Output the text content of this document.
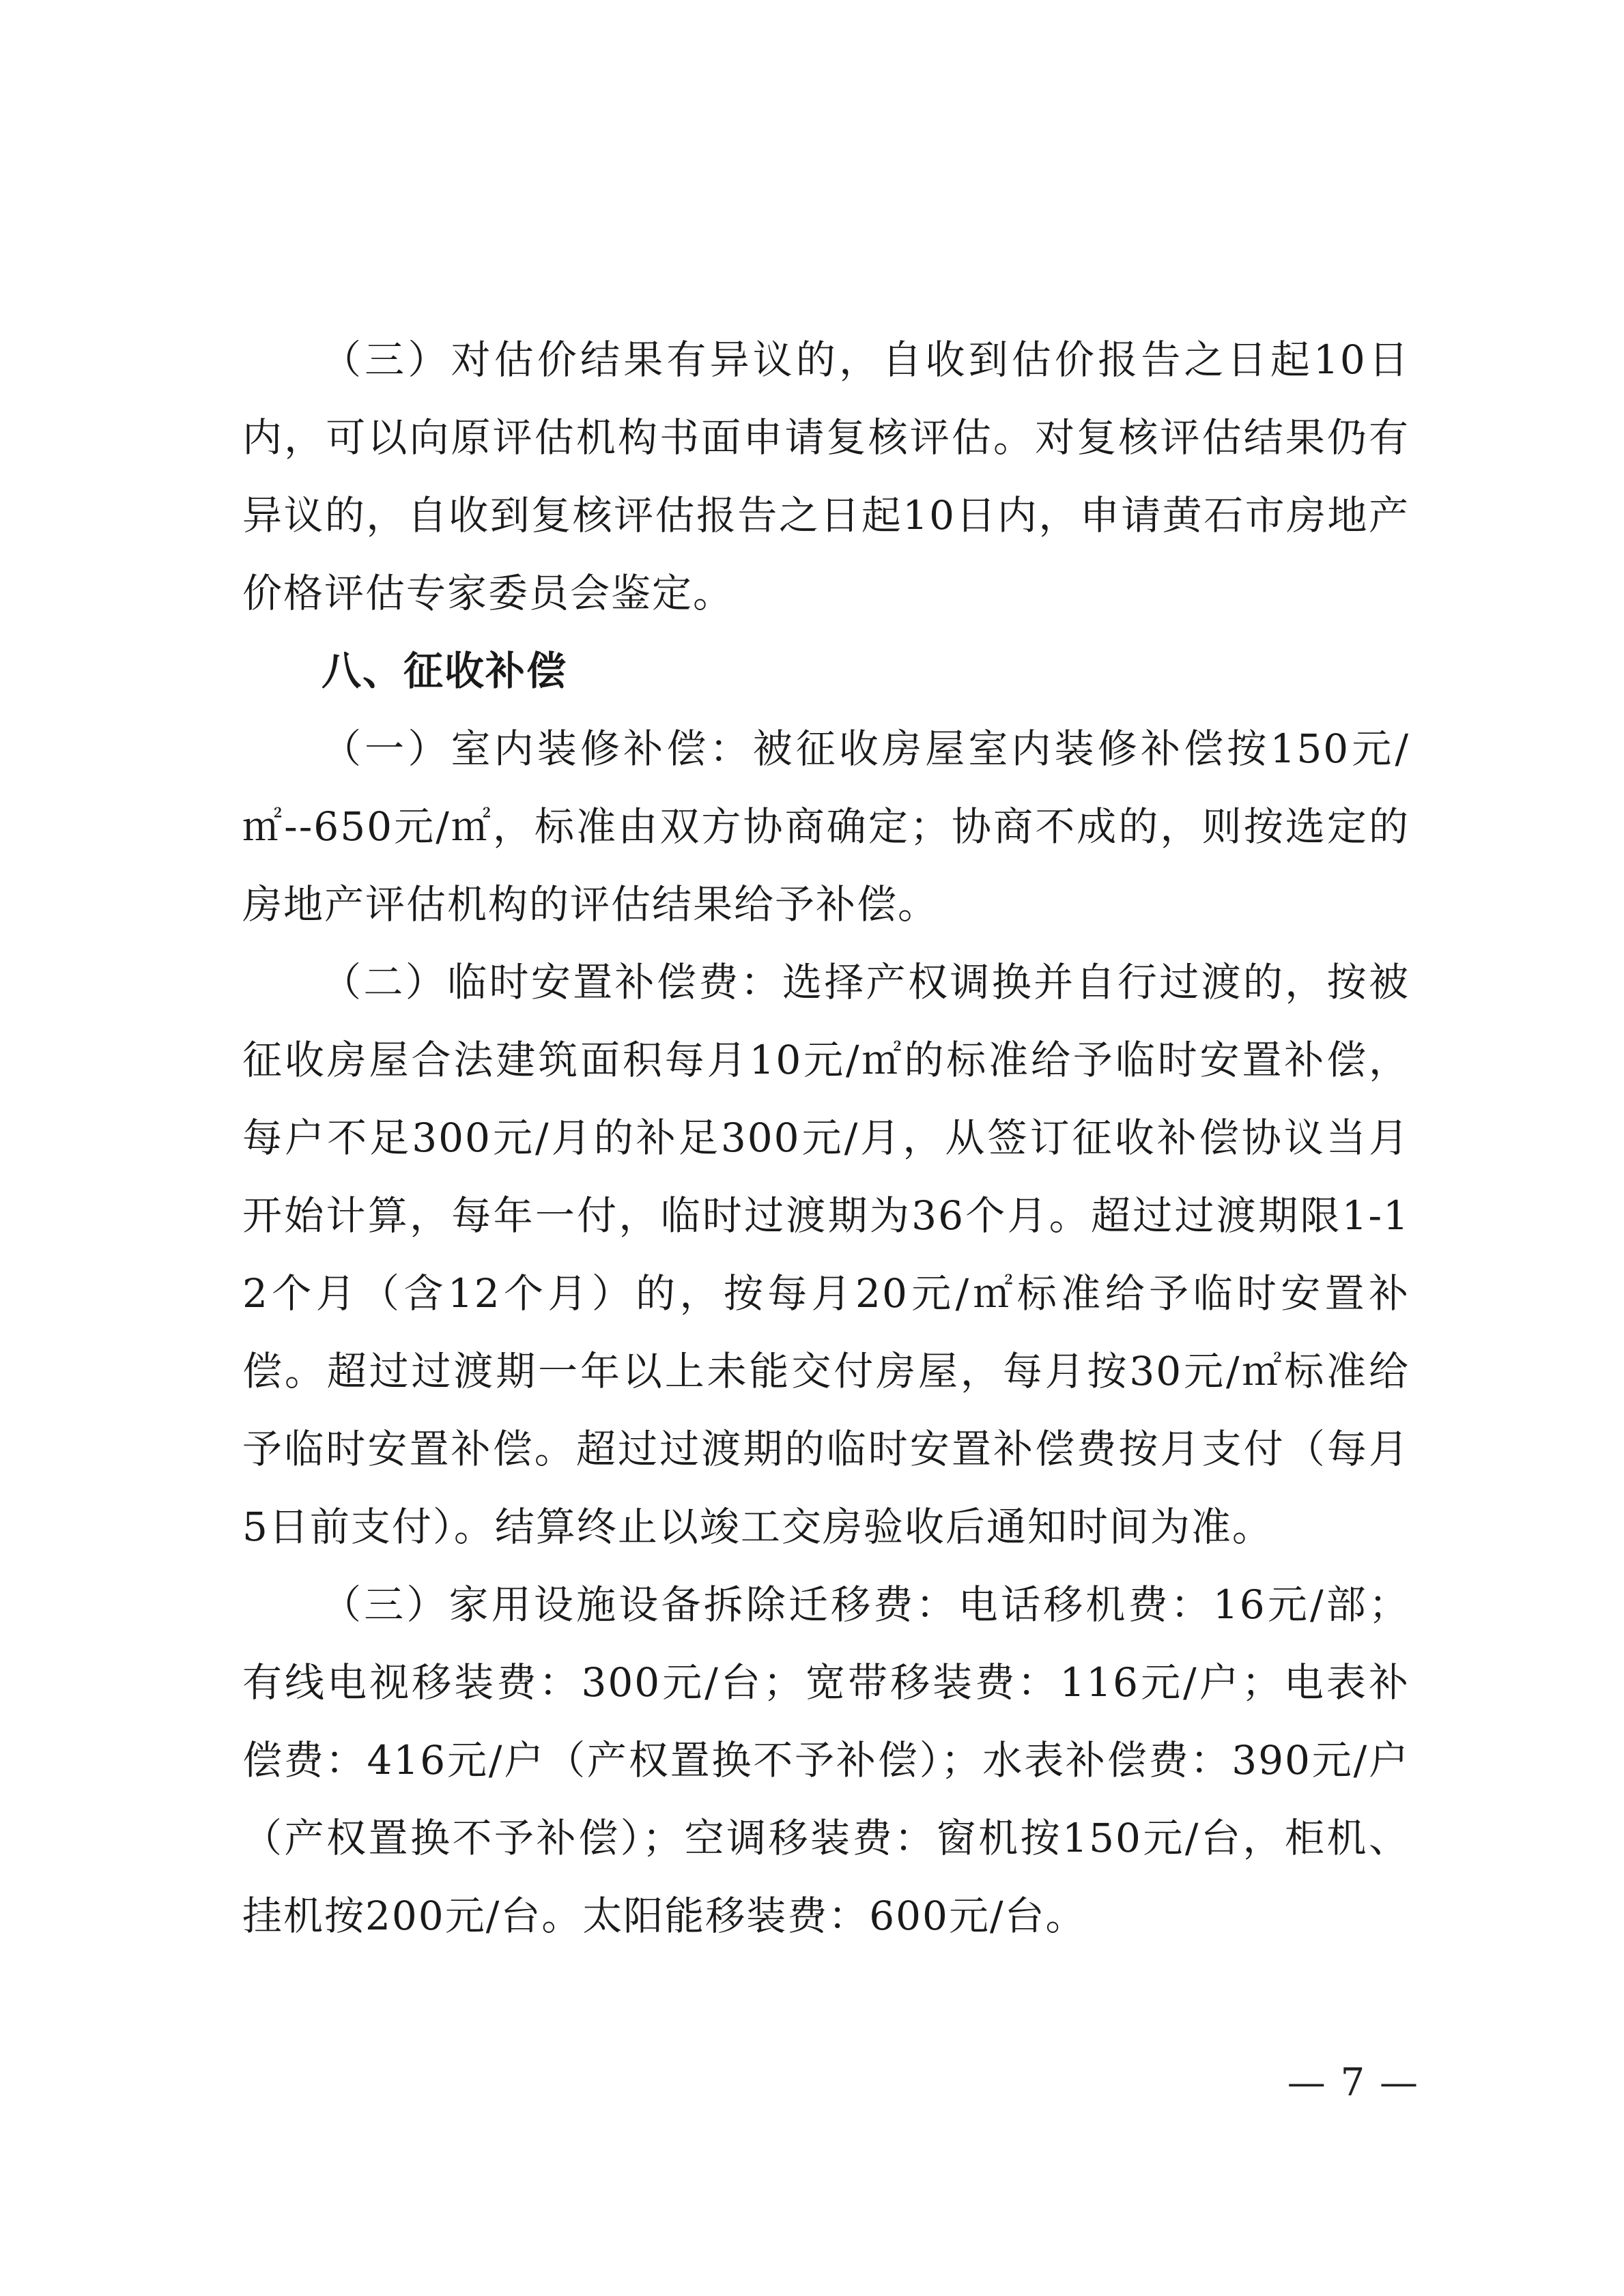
（三）对估价结果有异议的，自收到估价报告之日起10日内，可以向原评估机构书面申请复核评估。对复核评估结果仍有异议的，自收到复核评估报告之日起10日内，申请黄石市房地产价格评估专家委员会鉴定。

八、征收补偿

（一）室内装修补偿：被征收房屋室内装修补偿按150元/㎡--650元/㎡，标准由双方协商确定；协商不成的，则按选定的房地产评估机构的评估结果给予补偿。

（二）临时安置补偿费：选择产权调换并自行过渡的，按被征收房屋合法建筑面积每月10元/㎡的标准给予临时安置补偿，每户不足300元/月的补足300元/月，从签订征收补偿协议当月开始计算，每年一付，临时过渡期为36个月。超过过渡期限1-12个月（含12个月）的，按每月20元/㎡标准给予临时安置补偿。超过过渡期一年以上未能交付房屋，每月按30元/㎡标准给予临时安置补偿。超过过渡期的临时安置补偿费按月支付（每月5日前支付）。结算终止以竣工交房验收后通知时间为准。

（三）家用设施设备拆除迁移费：电话移机费：16元/部；有线电视移装费：300元/台；宽带移装费：116元/户；电表补偿费：416元/户（产权置换不予补偿）；水表补偿费：390元/户（产权置换不予补偿）；空调移装费：窗机按150元/台，柜机、挂机按200元/台。太阳能移装费：600元/台。

— 7 —
